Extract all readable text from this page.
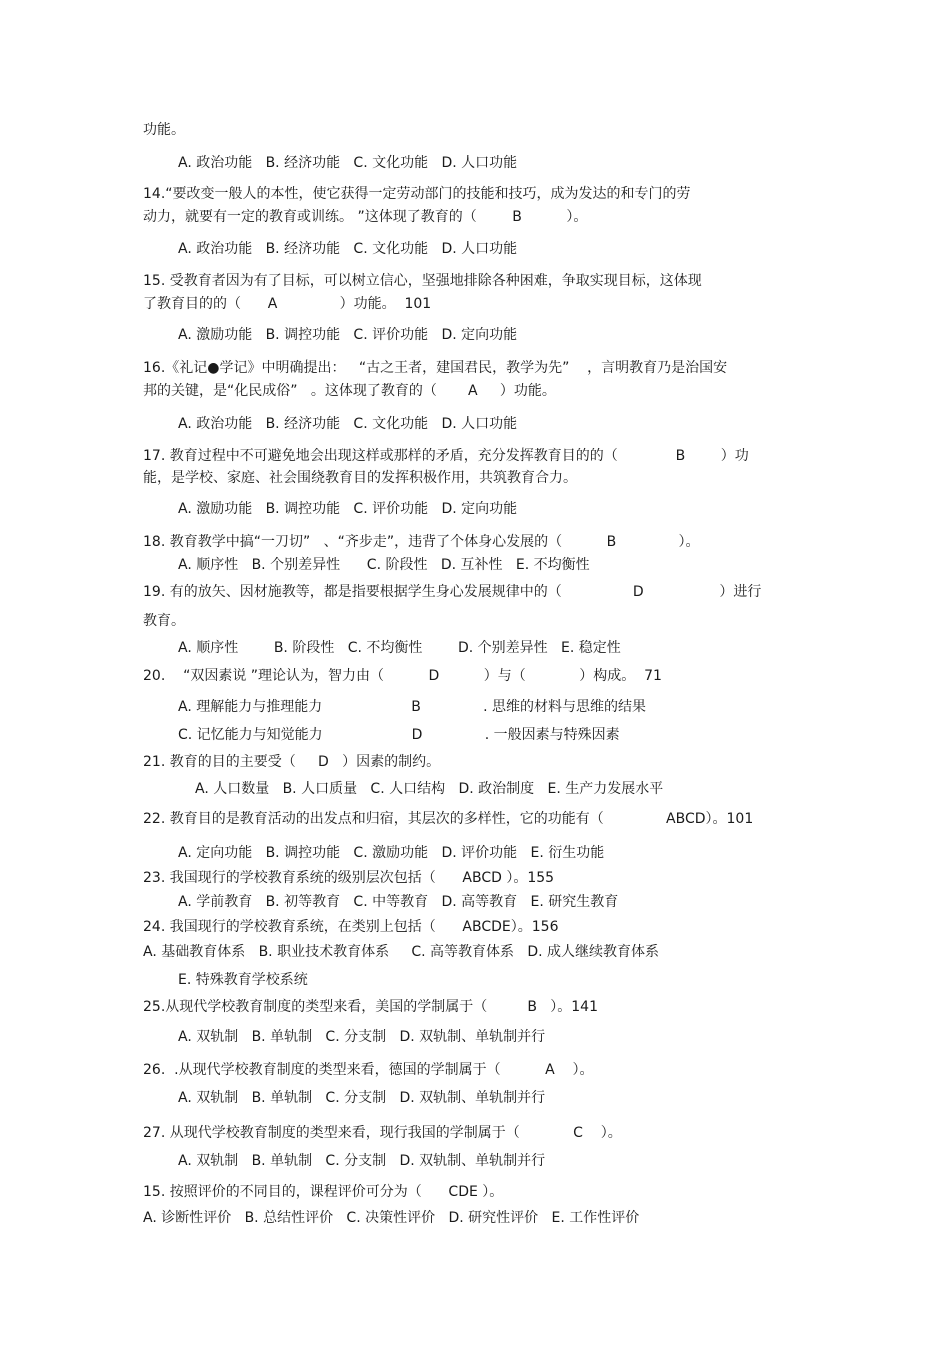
功能。
A. 政治功能   B. 经济功能   C. 文化功能   D. 人口功能
14.“要改变一般人的本性，使它获得一定劳动部门的技能和技巧，成为发达的和专门的劳
动力，就要有一定的教育或训练。 ”这体现了教育的（        B          ）。
A. 政治功能   B. 经济功能   C. 文化功能   D. 人口功能
15. 受教育者因为有了目标，可以树立信心，坚强地排除各种困难，争取实现目标，这体现
了教育目的的（      A              ）功能。  101
A. 激励功能   B. 调控功能   C. 评价功能   D. 定向功能
16.《礼记●学记》中明确提出：   “古之王者，建国君民，教学为先”    ，言明教育乃是治国安
邦的关键，是“化民成俗”   。这体现了教育的（       A     ）功能。
A. 政治功能   B. 经济功能   C. 文化功能   D. 人口功能
17. 教育过程中不可避免地会出现这样或那样的矛盾，充分发挥教育目的的（             B        ）功
能，是学校、家庭、社会围绕教育目的发挥积极作用，共筑教育合力。
A. 激励功能   B. 调控功能   C. 评价功能   D. 定向功能
18. 教育教学中搞“一刀切”   、“齐步走”，违背了个体身心发展的（          B              ）。
A. 顺序性   B. 个别差异性      C. 阶段性   D. 互补性   E. 不均衡性
19. 有的放矢、因材施教等，都是指要根据学生身心发展规律中的（                D                 ）进行
教育。
A. 顺序性        B. 阶段性   C. 不均衡性        D. 个别差异性   E. 稳定性
20.    “双因素说 ”理论认为，智力由（          D          ）与（            ）构成。  71
A. 理解能力与推理能力                    B              . 思维的材料与思维的结果
C. 记忆能力与知觉能力                    D              . 一般因素与特殊因素
21. 教育的目的主要受（     D   ）因素的制约。
A. 人口数量   B. 人口质量   C. 人口结构   D. 政治制度   E. 生产力发展水平
22. 教育目的是教育活动的出发点和归宿，其层次的多样性，它的功能有（              ABCD）。101
A. 定向功能   B. 调控功能   C. 激励功能   D. 评价功能   E. 衍生功能
23. 我国现行的学校教育系统的级别层次包括（      ABCD ）。155
A. 学前教育   B. 初等教育   C. 中等教育   D. 高等教育   E. 研究生教育
24. 我国现行的学校教育系统，在类别上包括（      ABCDE）。156
A. 基础教育体系   B. 职业技术教育体系     C. 高等教育体系   D. 成人继续教育体系
E. 特殊教育学校系统
25.从现代学校教育制度的类型来看，美国的学制属于（         B   ）。141
A. 双轨制   B. 单轨制   C. 分支制   D. 双轨制、单轨制并行
26.  .从现代学校教育制度的类型来看，德国的学制属于（          A    ）。
A. 双轨制   B. 单轨制   C. 分支制   D. 双轨制、单轨制并行
27. 从现代学校教育制度的类型来看，现行我国的学制属于（            C    ）。
A. 双轨制   B. 单轨制   C. 分支制   D. 双轨制、单轨制并行
15. 按照评价的不同目的，课程评价可分为（      CDE ）。
A. 诊断性评价   B. 总结性评价   C. 决策性评价   D. 研究性评价   E. 工作性评价
